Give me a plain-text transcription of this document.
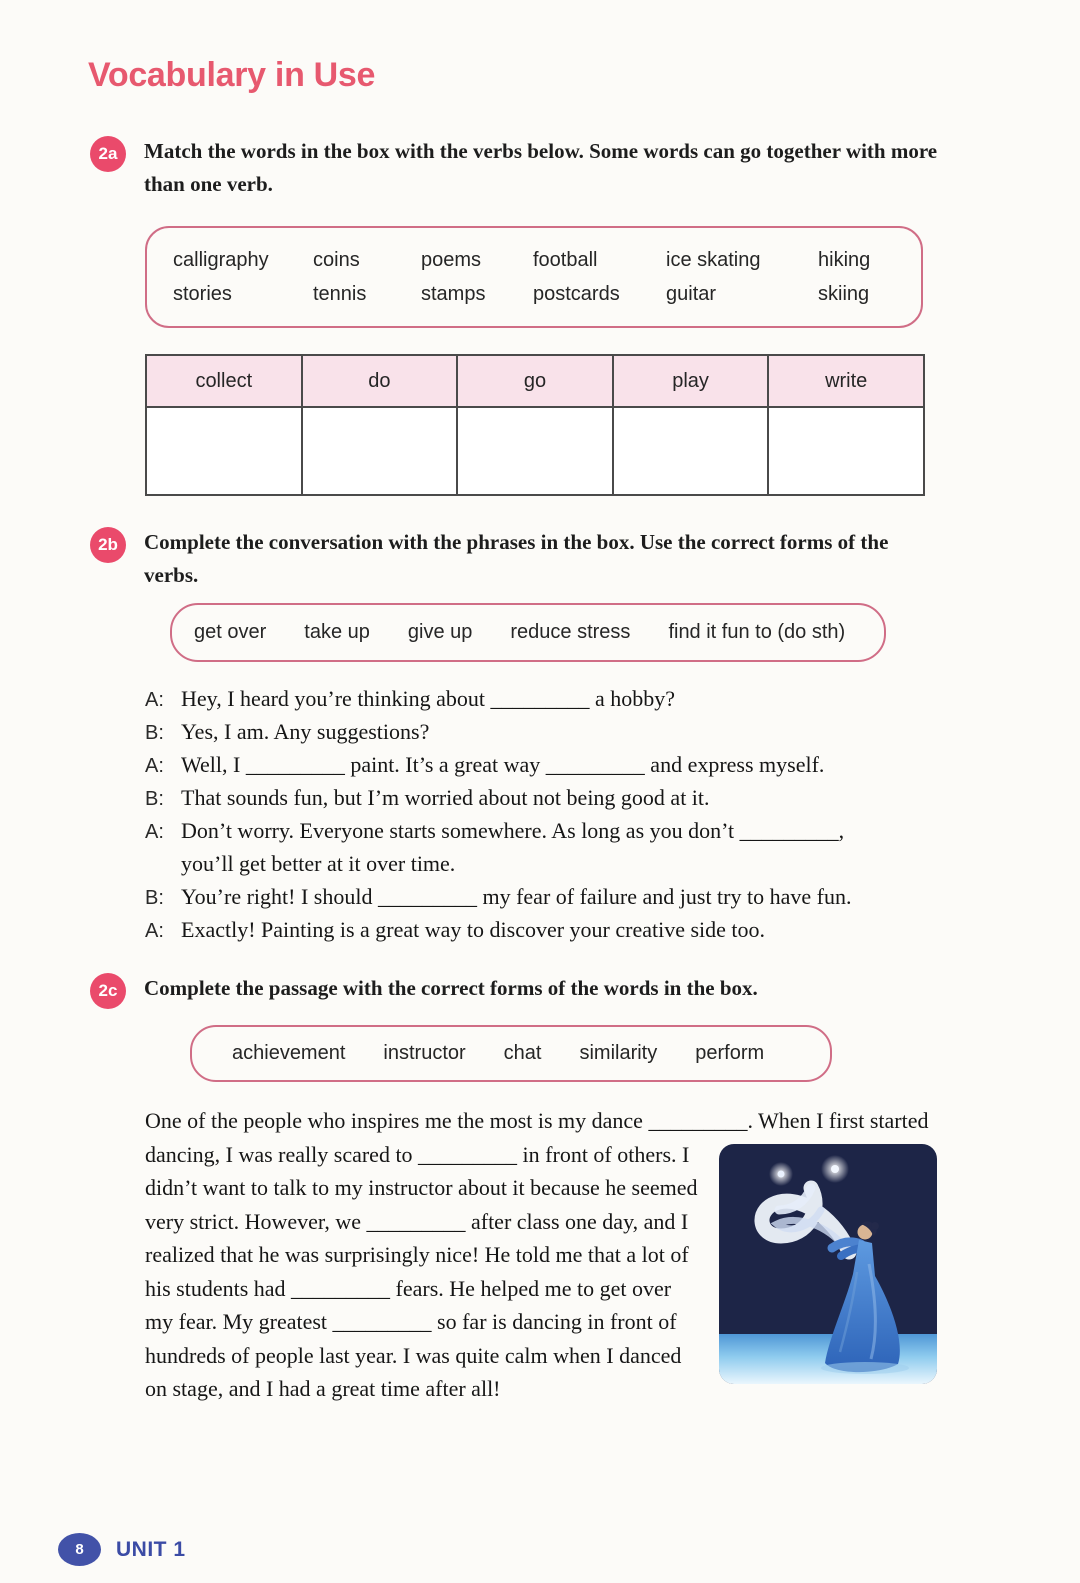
Vocabulary in Use
2a	Match the words in the box with the verbs below. Some words can go together with more than one verb.

calligraphy	coins	poems	football	ice skating	hiking
stories	tennis	stamps	postcards	guitar	skiing
collect	do	go	play	write

2b	Complete the conversation with the phrases in the box. Use the correct forms of the verbs.

get over take up give up reduce stress find it fun to (do sth)
A: Hey, I heard you’re thinking about _________ a hobby?

B: Yes, I am. Any suggestions?

A: Well, I _________ paint. It’s a great way _________ and express myself.

B: That sounds fun, but I’m worried about not being good at it.

A: Don’t worry. Everyone starts somewhere. As long as you don’t _________,

you’ll get better at it over time.

B: You’re right! I should _________ my fear of failure and just try to have fun.

A: Exactly! Painting is a great way to discover your creative side too.

2c	Complete the passage with the correct forms of the words in the box.

achievement instructor chat similarity perform

One of the people who inspires me the most is my dance _________. When I first started dancing, I was really scared to _________ in front of others. I
didn’t want to talk to my instructor about it because he seemed very strict. However, we _________ after class one day, and I realized that he was surprisingly nice! He told me that a lot of his students had _________ fears. He helped me to get over my fear. My greatest _________ so far is dancing in front of hundreds of people last year. I was quite calm when I danced on stage, and I had a great time after all!

8	UNIT 1
